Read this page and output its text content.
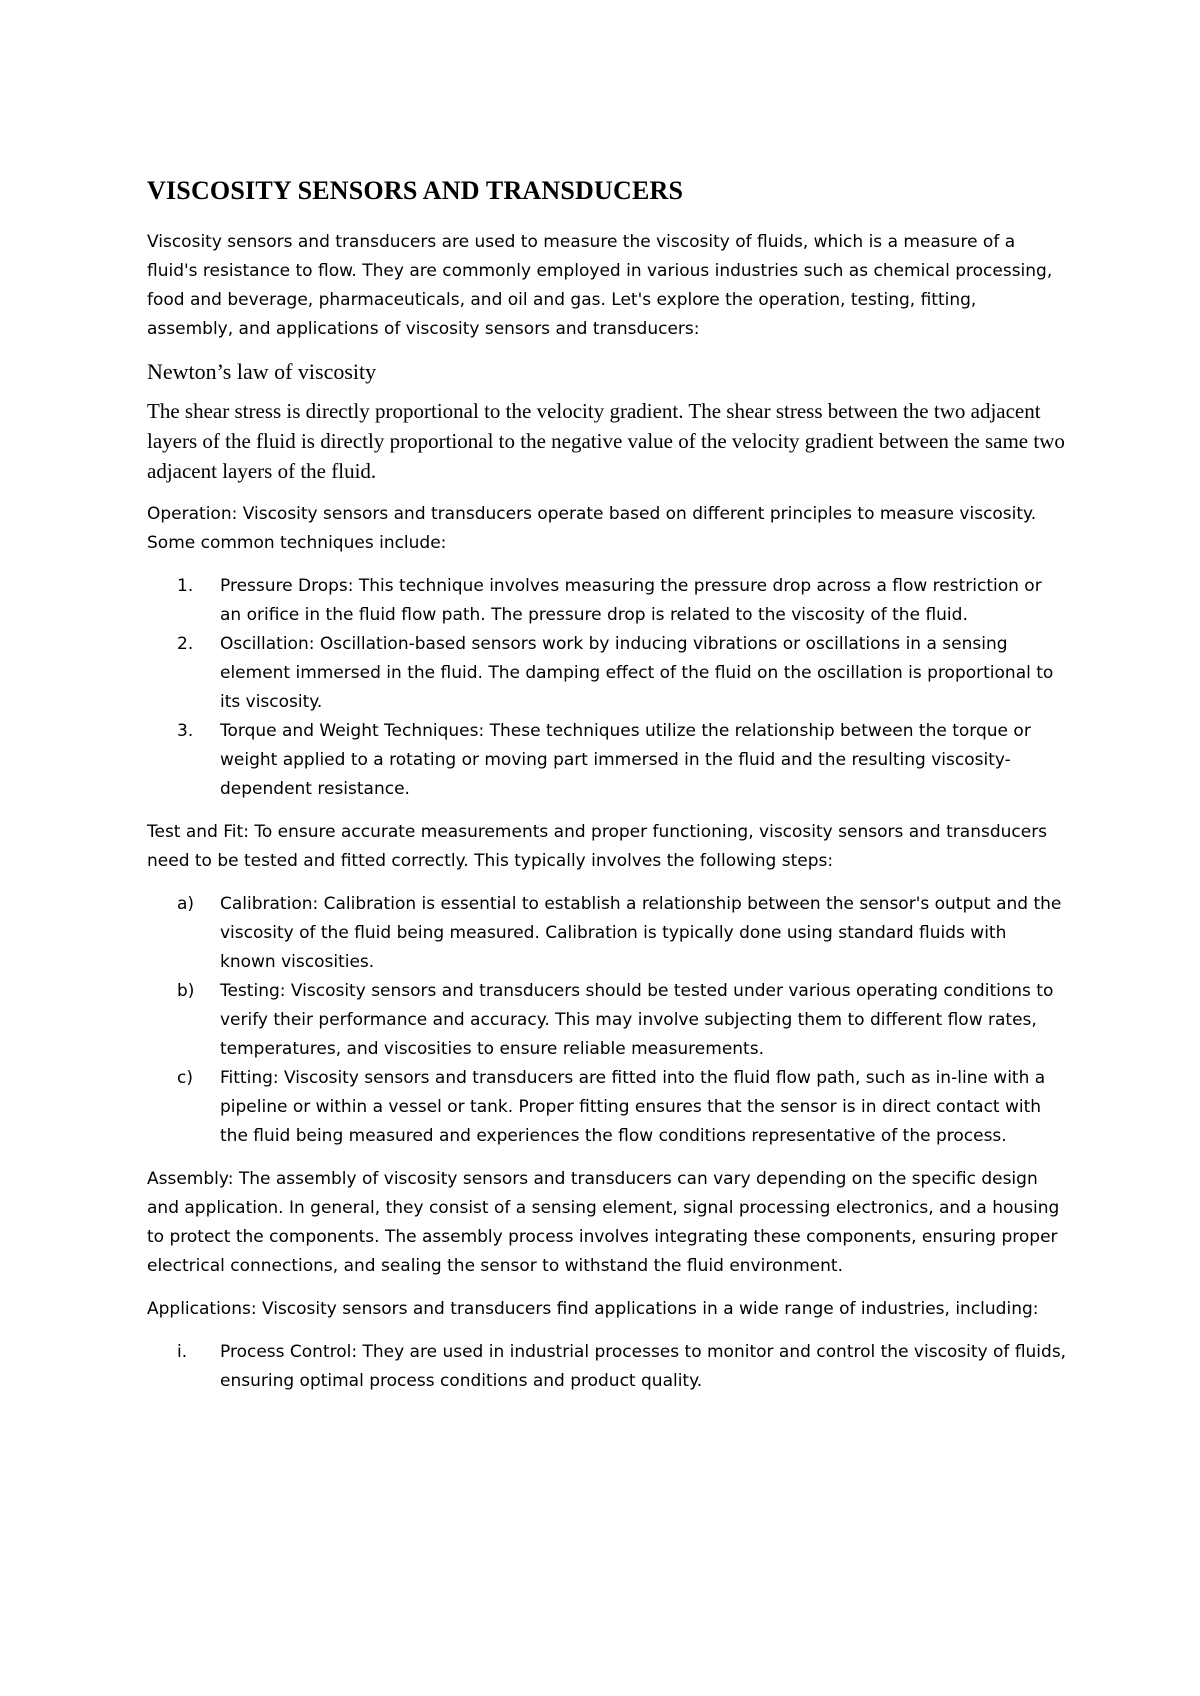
VISCOSITY SENSORS AND TRANSDUCERS

Viscosity sensors and transducers are used to measure the viscosity of fluids, which is a measure of a fluid's resistance to flow. They are commonly employed in various industries such as chemical processing, food and beverage, pharmaceuticals, and oil and gas. Let's explore the operation, testing, fitting, assembly, and applications of viscosity sensors and transducers:

Newton’s law of viscosity

The shear stress is directly proportional to the velocity gradient. The shear stress between the two adjacent layers of the fluid is directly proportional to the negative value of the velocity gradient between the same two adjacent layers of the fluid.

Operation: Viscosity sensors and transducers operate based on different principles to measure viscosity. Some common techniques include:

1. Pressure Drops: This technique involves measuring the pressure drop across a flow restriction or an orifice in the fluid flow path. The pressure drop is related to the viscosity of the fluid.
2. Oscillation: Oscillation-based sensors work by inducing vibrations or oscillations in a sensing element immersed in the fluid. The damping effect of the fluid on the oscillation is proportional to its viscosity.
3. Torque and Weight Techniques: These techniques utilize the relationship between the torque or weight applied to a rotating or moving part immersed in the fluid and the resulting viscosity-dependent resistance.

Test and Fit: To ensure accurate measurements and proper functioning, viscosity sensors and transducers need to be tested and fitted correctly. This typically involves the following steps:

a) Calibration: Calibration is essential to establish a relationship between the sensor's output and the viscosity of the fluid being measured. Calibration is typically done using standard fluids with known viscosities.
b) Testing: Viscosity sensors and transducers should be tested under various operating conditions to verify their performance and accuracy. This may involve subjecting them to different flow rates, temperatures, and viscosities to ensure reliable measurements.
c) Fitting: Viscosity sensors and transducers are fitted into the fluid flow path, such as in-line with a pipeline or within a vessel or tank. Proper fitting ensures that the sensor is in direct contact with the fluid being measured and experiences the flow conditions representative of the process.

Assembly: The assembly of viscosity sensors and transducers can vary depending on the specific design and application. In general, they consist of a sensing element, signal processing electronics, and a housing to protect the components. The assembly process involves integrating these components, ensuring proper electrical connections, and sealing the sensor to withstand the fluid environment.

Applications: Viscosity sensors and transducers find applications in a wide range of industries, including:

i. Process Control: They are used in industrial processes to monitor and control the viscosity of fluids, ensuring optimal process conditions and product quality.
